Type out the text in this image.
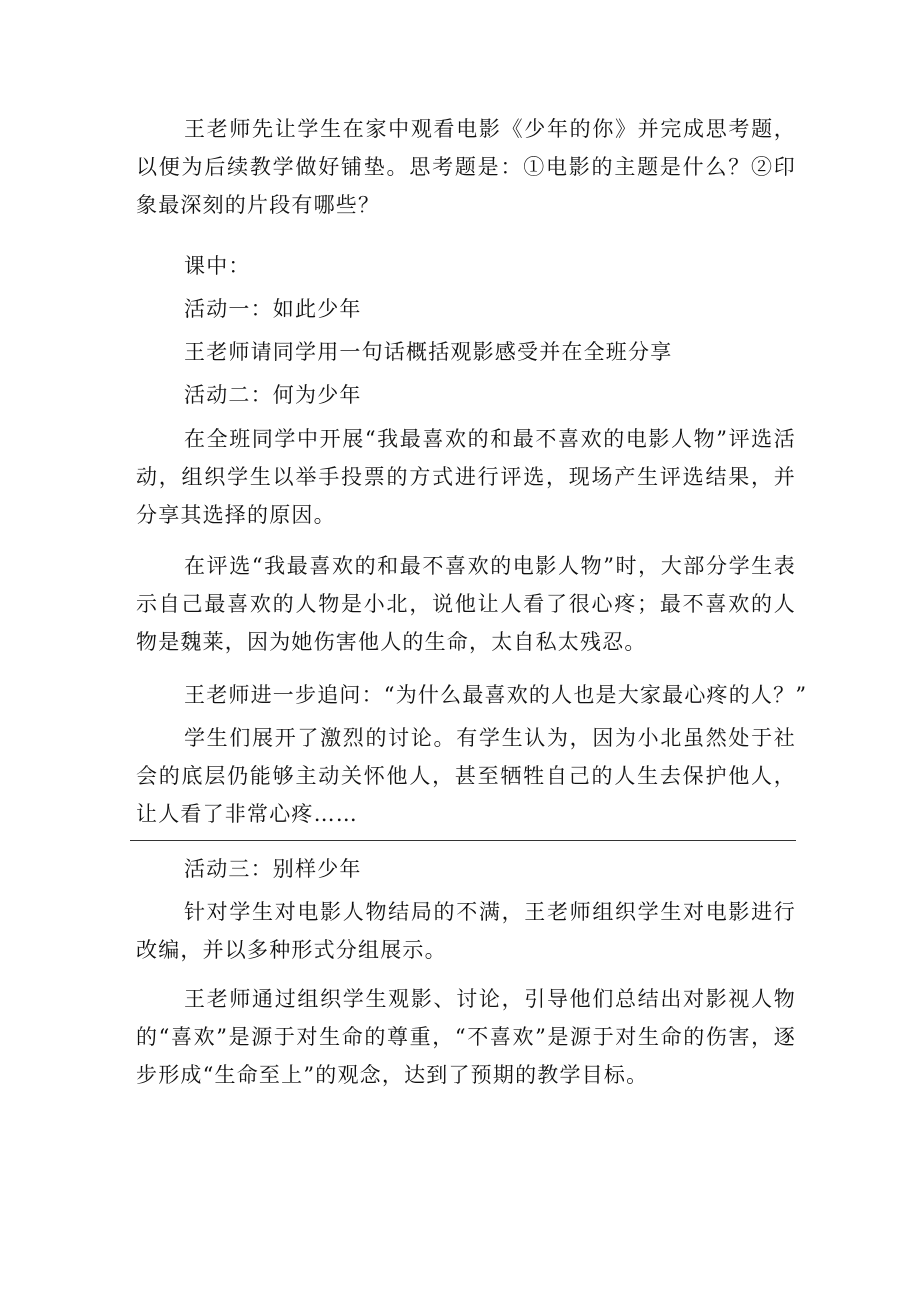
王老师先让学生在家中观看电影《少年的你》并完成思考题，以便为后续教学做好铺垫。思考题是：①电影的主题是什么？②印象最深刻的片段有哪些？

课中：

活动一：如此少年

王老师请同学用一句话概括观影感受并在全班分享

活动二：何为少年

在全班同学中开展“我最喜欢的和最不喜欢的电影人物”评选活动，组织学生以举手投票的方式进行评选，现场产生评选结果，并分享其选择的原因。

在评选“我最喜欢的和最不喜欢的电影人物”时，大部分学生表示自己最喜欢的人物是小北，说他让人看了很心疼；最不喜欢的人物是魏莱，因为她伤害他人的生命，太自私太残忍。

王老师进一步追问：“为什么最喜欢的人也是大家最心疼的人？”

学生们展开了激烈的讨论。有学生认为，因为小北虽然处于社会的底层仍能够主动关怀他人，甚至牺牲自己的人生去保护他人，让人看了非常心疼……

活动三：别样少年

针对学生对电影人物结局的不满，王老师组织学生对电影进行改编，并以多种形式分组展示。

王老师通过组织学生观影、讨论，引导他们总结出对影视人物的“喜欢”是源于对生命的尊重，“不喜欢”是源于对生命的伤害，逐步形成“生命至上”的观念，达到了预期的教学目标。
